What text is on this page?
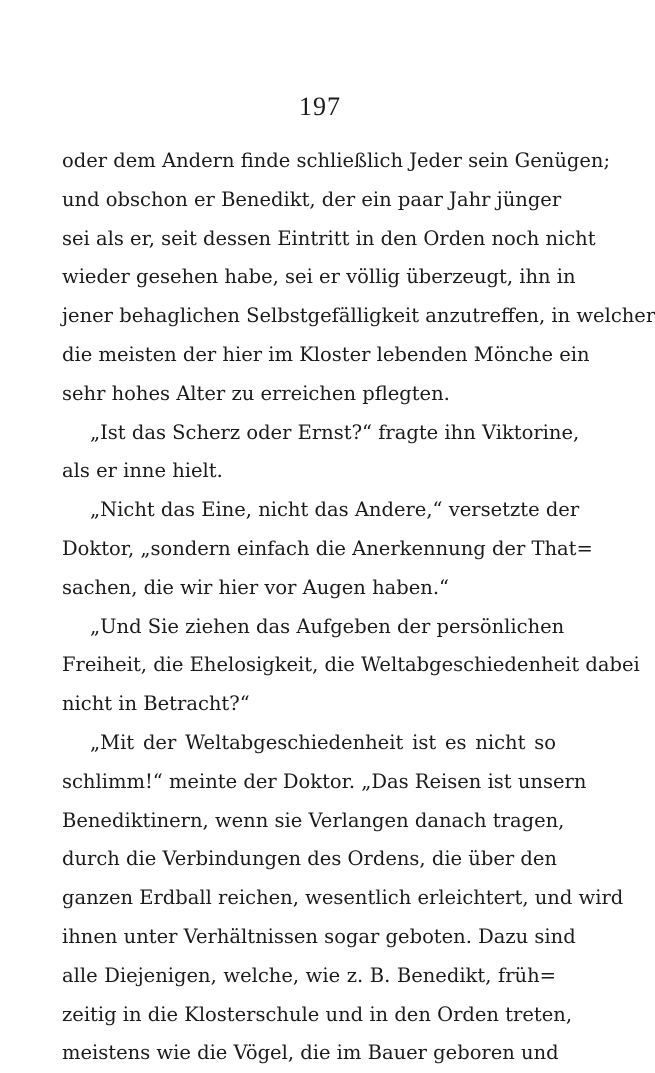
197
oder dem Andern finde schließlich Jeder sein Genügen;
und obschon er Benedikt, der ein paar Jahr jünger
sei als er, seit dessen Eintritt in den Orden noch nicht
wieder gesehen habe, sei er völlig überzeugt, ihn in
jener behaglichen Selbstgefälligkeit anzutreffen, in welcher
die meisten der hier im Kloster lebenden Mönche ein
sehr hohes Alter zu erreichen pflegten.
„Ist das Scherz oder Ernst?“ fragte ihn Viktorine,
als er inne hielt.
„Nicht das Eine, nicht das Andere,“ versetzte der
Doktor, „sondern einfach die Anerkennung der That=
sachen, die wir hier vor Augen haben.“
„Und Sie ziehen das Aufgeben der persönlichen
Freiheit, die Ehelosigkeit, die Weltabgeschiedenheit dabei
nicht in Betracht?“
„Mit der Weltabgeschiedenheit ist es nicht so
schlimm!“ meinte der Doktor. „Das Reisen ist unsern
Benediktinern, wenn sie Verlangen danach tragen,
durch die Verbindungen des Ordens, die über den
ganzen Erdball reichen, wesentlich erleichtert, und wird
ihnen unter Verhältnissen sogar geboten. Dazu sind
alle Diejenigen, welche, wie z. B. Benedikt, früh=
zeitig in die Klosterschule und in den Orden treten,
meistens wie die Vögel, die im Bauer geboren und
